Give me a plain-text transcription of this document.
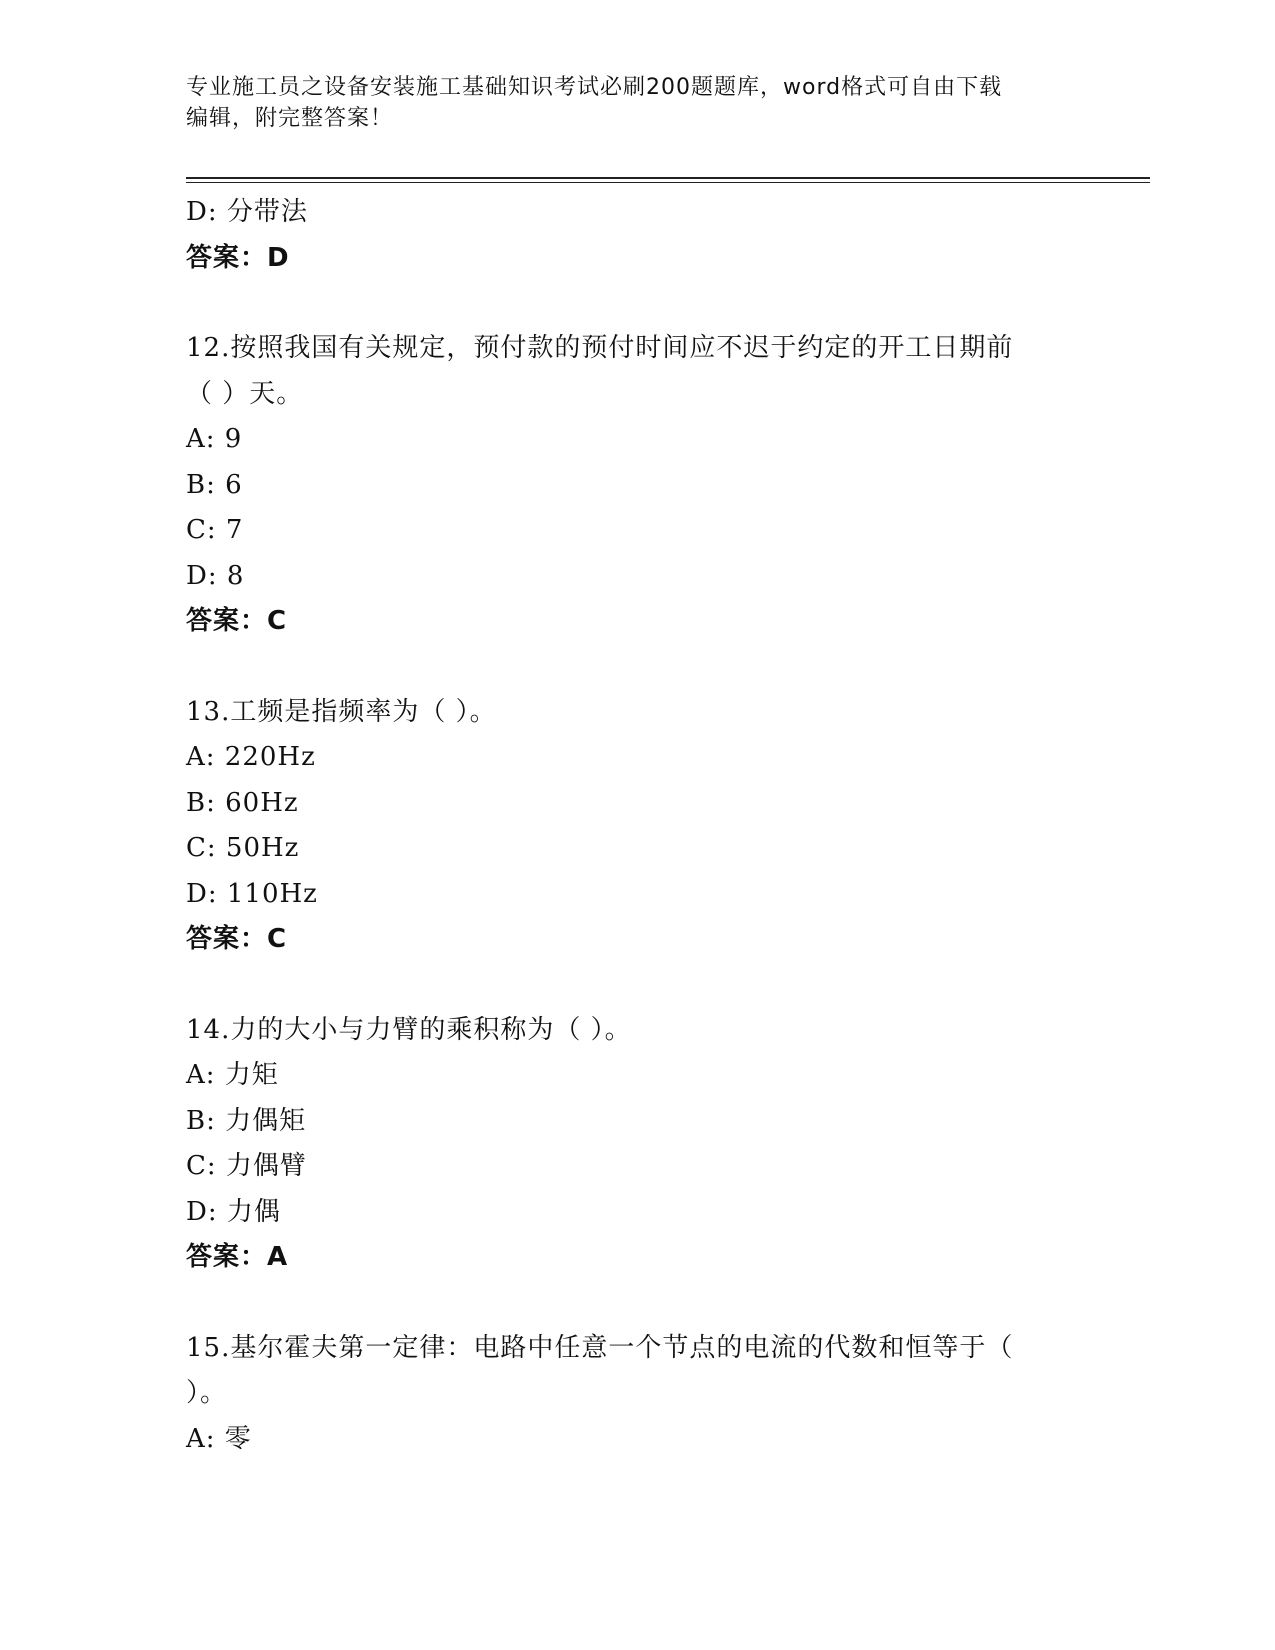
专业施工员之设备安装施工基础知识考试必刷200题题库，word格式可自由下载
编辑，附完整答案！
D: 分带法
答案：D
12.按照我国有关规定，预付款的预付时间应不迟于约定的开工日期前
（ ）天。
A: 9
B: 6
C: 7
D: 8
答案：C
13.工频是指频率为（ ）。
A: 220Hz
B: 60Hz
C: 50Hz
D: 110Hz
答案：C
14.力的大小与力臂的乘积称为（ ）。
A: 力矩
B: 力偶矩
C: 力偶臂
D: 力偶
答案：A
15.基尔霍夫第一定律：电路中任意一个节点的电流的代数和恒等于（
）。
A: 零
